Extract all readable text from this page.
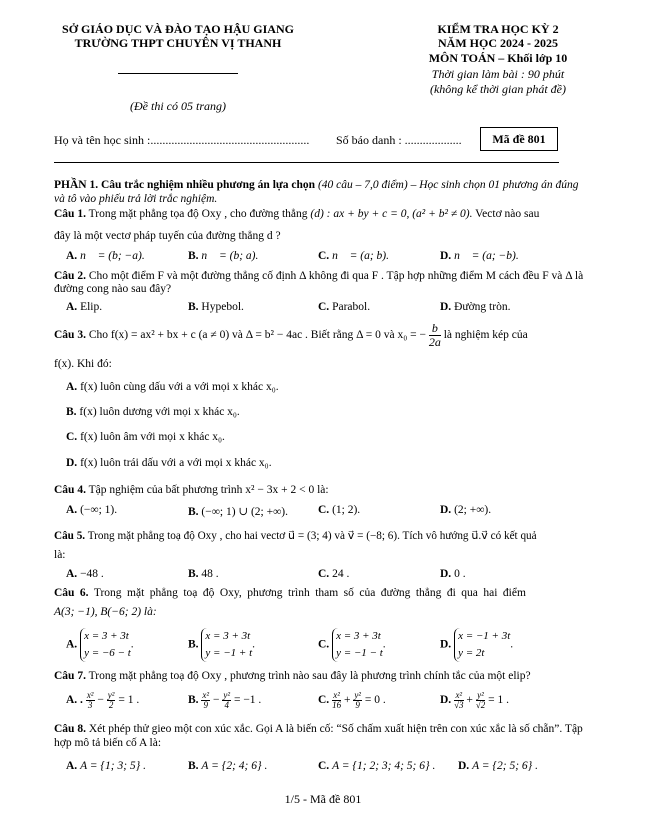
SỞ GIÁO DỤC VÀ ĐÀO TẠO HẬU GIANG
TRƯỜNG THPT CHUYÊN VỊ THANH
(Đề thi có 05 trang)
KIỂM TRA HỌC KỲ 2
NĂM HỌC 2024 - 2025
MÔN TOÁN – Khối lớp 10
Thời gian làm bài : 90 phút
(không kể thời gian phát đề)
Họ và tên học sinh :..................................................... Số báo danh : ...................	Mã đề 801
PHẦN 1. Câu trắc nghiệm nhiều phương án lựa chọn (40 câu – 7,0 điểm) – Học sinh chọn 01 phương án đúng và tô vào phiếu trả lời trắc nghiệm.
Câu 1. Trong mặt phẳng tọa độ Oxy , cho đường thẳng (d) : ax + by + c = 0, (a² + b² ≠ 0). Vectơ nào sau
đây là một vectơ pháp tuyến của đường thẳng d ?
A. n⃗ = (b; −a).	B. n⃗ = (b; a).	C. n⃗ = (a; b).	D. n⃗ = (a; −b).
Câu 2. Cho một điểm F và một đường thẳng cố định Δ không đi qua F . Tập hợp những điểm M cách đều F và Δ là đường cong nào sau đây?
A. Elip.	B. Hypebol.	C. Parabol.	D. Đường tròn.
Câu 3. Cho f(x) = ax² + bx + c (a ≠ 0) và Δ = b² − 4ac . Biết rằng Δ = 0 và x₀ = − $\frac{b}{2a}$ là nghiệm kép của
f(x). Khi đó:
A. f(x) luôn cùng dấu với a với mọi x khác x₀.
B. f(x) luôn dương với mọi x khác x₀.
C. f(x) luôn âm với mọi x khác x₀.
D. f(x) luôn trái dấu với a với mọi x khác x₀.
Câu 4. Tập nghiệm của bất phương trình x² − 3x + 2 < 0 là:
A. (−∞; 1).	B. (−∞; 1) ∪ (2; +∞).	C. (1; 2).	D. (2; +∞).
Câu 5. Trong mặt phẳng toạ độ Oxy , cho hai vectơ u⃗ = (3; 4) và v⃗ = (−8; 6). Tích vô hướng u⃗.v⃗ có kết quả
là:
A. −48 .	B. 48 .	C. 24 .	D. 0 .
Câu 6. Trong mặt phẳng toạ độ Oxy, phương trình tham số của đường thẳng đi qua hai điểm
A(3; −1), B(−6; 2) là:
A.
x = 3 + 3t
y = −6 − t
.	B.
x = 3 + 3t
y = −1 + t
.	C.
x = 3 + 3t
y = −1 − t
.	D.
x = −1 + 3t
y = 2t
.
Câu 7. Trong mặt phẳng toạ độ Oxy , phương trình nào sau đây là phương trình chính tắc của một elip?
A. . $\frac{\text{x²}}{3} - \frac{\text{y²}}{2} = 1$ .	B. $\frac{\text{x²}}{9} - \frac{\text{y²}}{4} = -1$ .	C. $\frac{\text{x²}}{16} + \frac{\text{y²}}{9} = 0$ .	D. $\frac{\text{x²}}{√3} + \frac{\text{y²}}{√2} = 1$ .
Câu 8. Xét phép thử gieo một con xúc xắc. Gọi A là biến cố: “Số chấm xuất hiện trên con xúc xắc là số chẵn”. Tập hợp mô tả biến cố A là:
A. A = {1; 3; 5} .	B. A = {2; 4; 6} .	C. A = {1; 2; 3; 4; 5; 6} . D. A = {2; 5; 6} .
1/5 - Mã đề 801
